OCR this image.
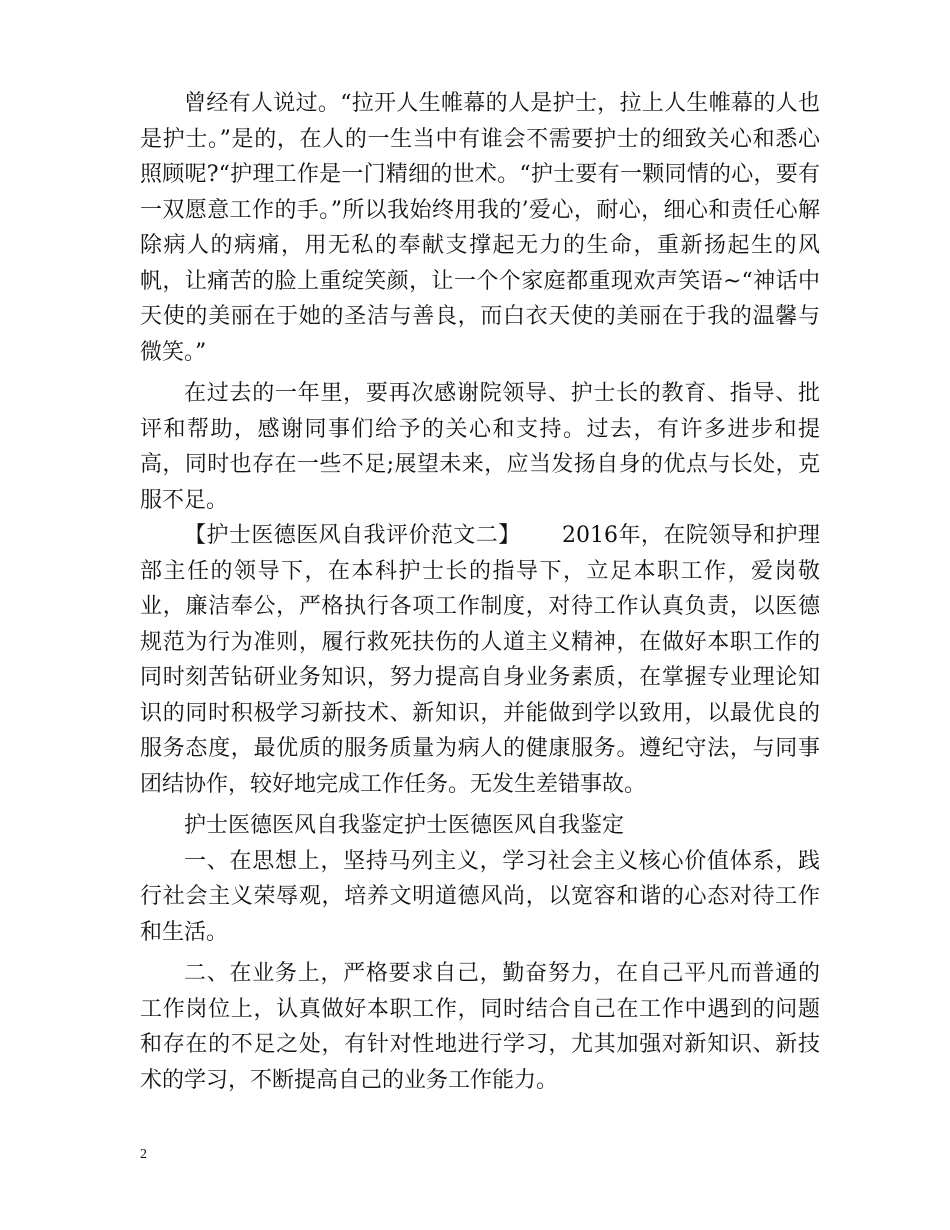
曾经有人说过。“拉开人生帷幕的人是护士，拉上人生帷幕的人也是护士。”是的，在人的一生当中有谁会不需要护士的细致关心和悉心照顾呢?“护理工作是一门精细的世术。“护士要有一颗同情的心，要有一双愿意工作的手。”所以我始终用我的’爱心，耐心，细心和责任心解除病人的病痛，用无私的奉献支撑起无力的生命，重新扬起生的风帆，让痛苦的脸上重绽笑颜，让一个个家庭都重现欢声笑语~“神话中天使的美丽在于她的圣洁与善良，而白衣天使的美丽在于我的温馨与微笑。”

在过去的一年里，要再次感谢院领导、护士长的教育、指导、批评和帮助，感谢同事们给予的关心和支持。过去，有许多进步和提高，同时也存在一些不足;展望未来，应当发扬自身的优点与长处，克服不足。

【护士医德医风自我评价范文二】　　 2016年，在院领导和护理部主任的领导下，在本科护士长的指导下，立足本职工作，爱岗敬业，廉洁奉公，严格执行各项工作制度，对待工作认真负责，以医德规范为行为准则，履行救死扶伤的人道主义精神，在做好本职工作的同时刻苦钻研业务知识，努力提高自身业务素质，在掌握专业理论知识的同时积极学习新技术、新知识，并能做到学以致用，以最优良的服务态度，最优质的服务质量为病人的健康服务。遵纪守法，与同事团结协作，较好地完成工作任务。无发生差错事故。

护士医德医风自我鉴定护士医德医风自我鉴定

一、在思想上，坚持马列主义，学习社会主义核心价值体系，践行社会主义荣辱观，培养文明道德风尚，以宽容和谐的心态对待工作和生活。

二、在业务上，严格要求自己，勤奋努力，在自己平凡而普通的工作岗位上，认真做好本职工作，同时结合自己在工作中遇到的问题和存在的不足之处，有针对性地进行学习，尤其加强对新知识、新技术的学习，不断提高自己的业务工作能力。

2
